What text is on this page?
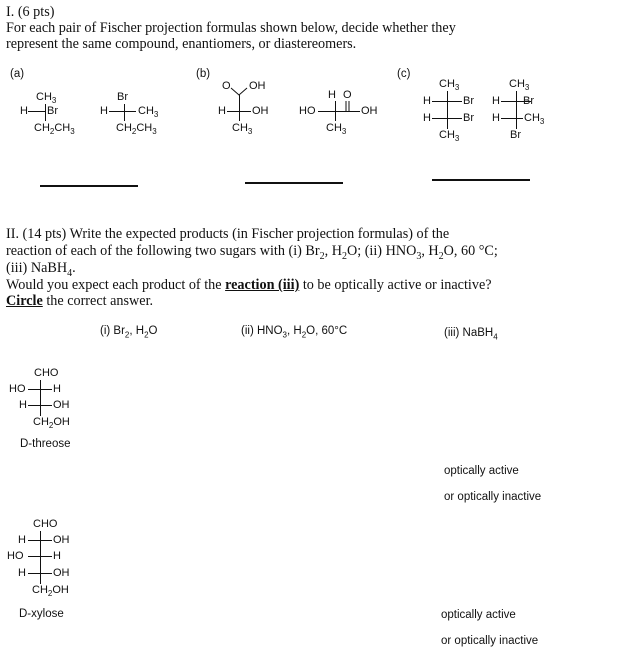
I. (6 pts)
For each pair of Fischer projection formulas shown below, decide whether they
represent the same compound, enantiomers, or diastereomers.
(a)	(b)	(c)
$CH_3$
H Br
$CH_2CH_3$
Br
H	$CH_3$
$CH_2CH_3$
O OH
H OH
$CH_3$
H O
HO	OH
$CH_3$
$CH_3$
H	Br
H	Br
$CH_3$
$CH_3$
H Br
H $CH_3$
Br
II. (14 pts) Write the expected products (in Fischer projection formulas) of the
reaction of each of the following two sugars with (i) $Br_2$, $H_2O$; (ii) $HNO_3$, $H_2O$, 60 °C;
(iii) NaBH$_4$.
Would you expect each product of the reaction (iii) to be optically active or inactive?
Circle the correct answer.
(i) $Br_2$, $H_2O$	(ii) $HNO_3$, $H_2O$, 60°C	(iii) NaBH$_4$
CHO
HO	H
H OH
$CH_2OH$
D-threose
CHO
H OH
HO	H
H OH
$CH_2OH$
D-xylose
optically active
or optically inactive
optically active
or optically inactive
